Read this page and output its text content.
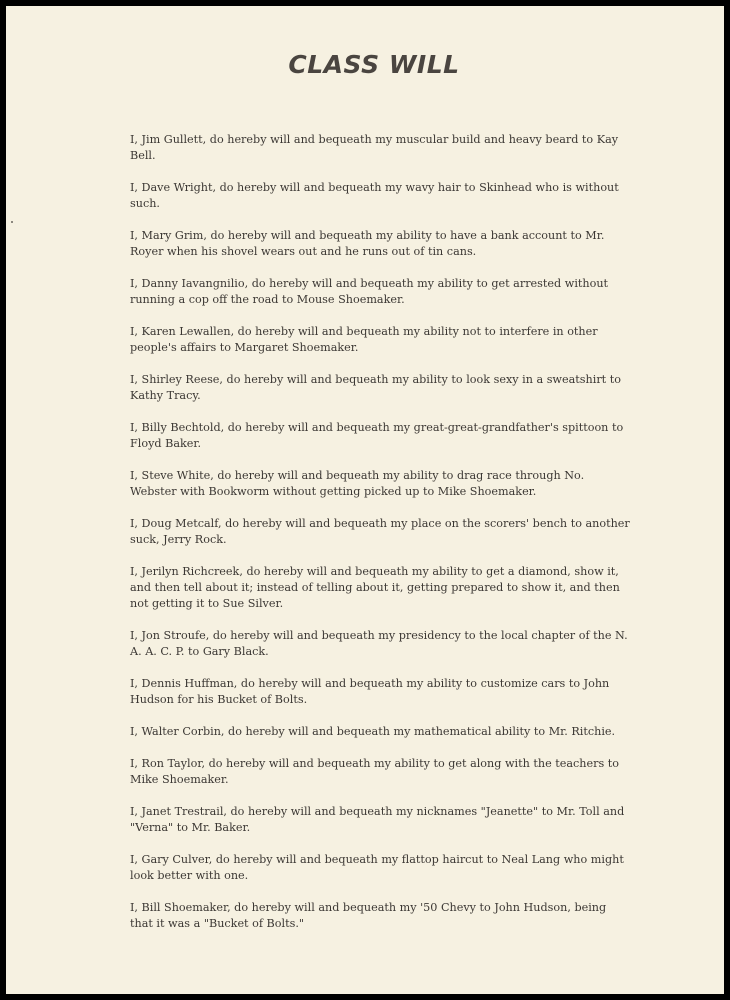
CLASS WILL
I, Jim Gullett, do hereby will and bequeath my muscular build and heavy beard to Kay Bell.
I, Dave Wright, do hereby will and bequeath my wavy hair to Skinhead who is without such.
I, Mary Grim, do hereby will and bequeath my ability to have a bank account to Mr. Royer when his shovel wears out and he runs out of tin cans.
I, Danny Iavangnilio, do hereby will and bequeath my ability to get arrested without running a cop off the road to Mouse Shoemaker.
I, Karen Lewallen, do hereby will and bequeath my ability not to interfere in other people's affairs to Margaret Shoemaker.
I, Shirley Reese, do hereby will and bequeath my ability to look sexy in a sweatshirt to Kathy Tracy.
I, Billy Bechtold, do hereby will and bequeath my great-great-grandfather's spittoon to Floyd Baker.
I, Steve White, do hereby will and bequeath my ability to drag race through No. Webster with Bookworm without getting picked up to Mike Shoemaker.
I, Doug Metcalf, do hereby will and bequeath my place on the scorers' bench to another suck, Jerry Rock.
I, Jerilyn Richcreek, do hereby will and bequeath my ability to get a diamond, show it, and then tell about it; instead of telling about it, getting prepared to show it, and then not getting it to Sue Silver.
I, Jon Stroufe, do hereby will and bequeath my presidency to the local chapter of the N. A. A. C. P. to Gary Black.
I, Dennis Huffman, do hereby will and bequeath my ability to customize cars to John Hudson for his Bucket of Bolts.
I, Walter Corbin, do hereby will and bequeath my mathematical ability to Mr. Ritchie.
I, Ron Taylor, do hereby will and bequeath my ability to get along with the teachers to Mike Shoemaker.
I, Janet Trestrail, do hereby will and bequeath my nicknames "Jeanette" to Mr. Toll and "Verna" to Mr. Baker.
I, Gary Culver, do hereby will and bequeath my flattop haircut to Neal Lang who might look better with one.
I, Bill Shoemaker, do hereby will and bequeath my '50 Chevy to John Hudson, being that it was a "Bucket of Bolts."
